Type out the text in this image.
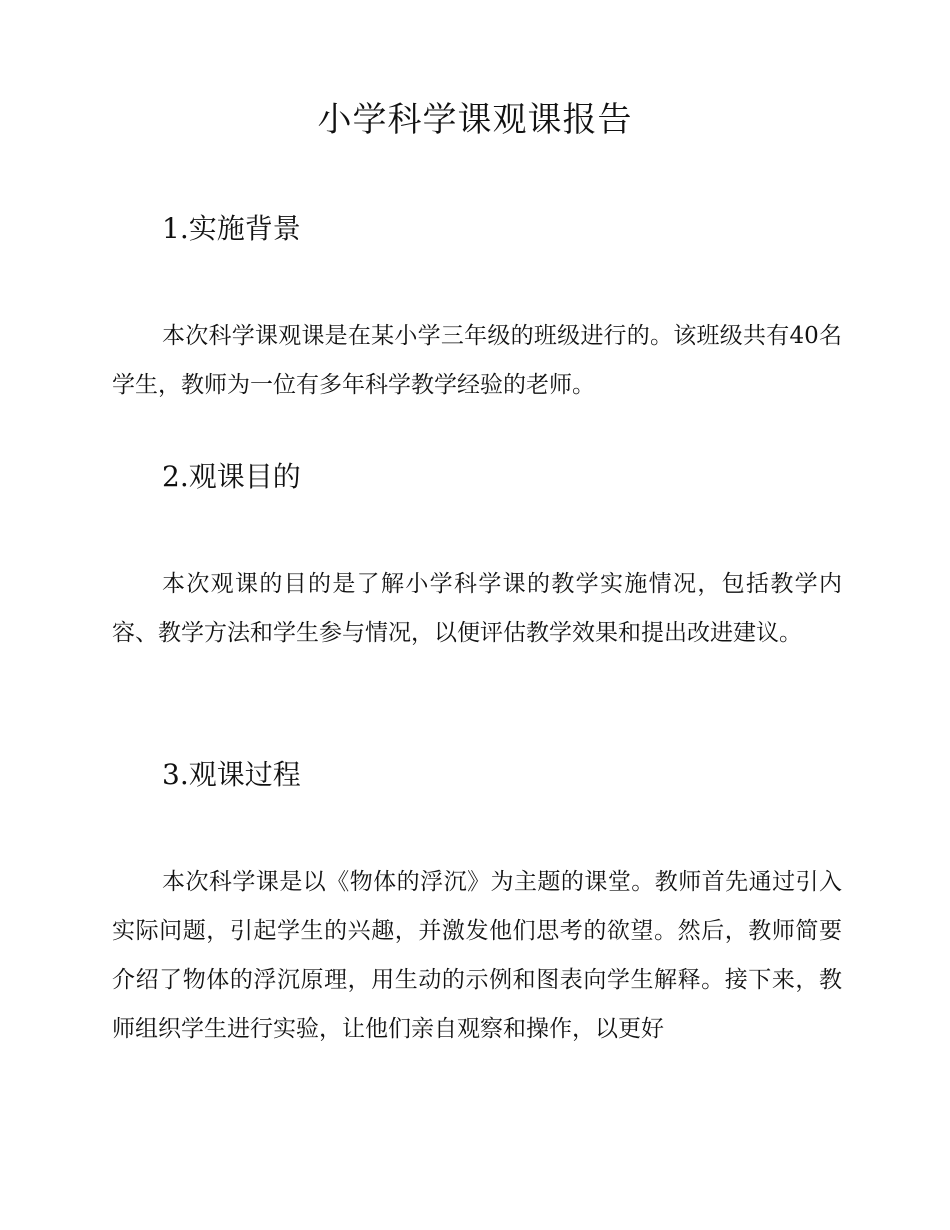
小学科学课观课报告
1.实施背景

本次科学课观课是在某小学三年级的班级进行的。该班级共有40名学生，教师为一位有多年科学教学经验的老师。

2.观课目的

本次观课的目的是了解小学科学课的教学实施情况，包括教学内容、教学方法和学生参与情况，以便评估教学效果和提出改进建议。

3.观课过程

本次科学课是以《物体的浮沉》为主题的课堂。教师首先通过引入实际问题，引起学生的兴趣，并激发他们思考的欲望。然后，教师简要介绍了物体的浮沉原理，用生动的示例和图表向学生解释。接下来，教师组织学生进行实验，让他们亲自观察和操作，以更好
